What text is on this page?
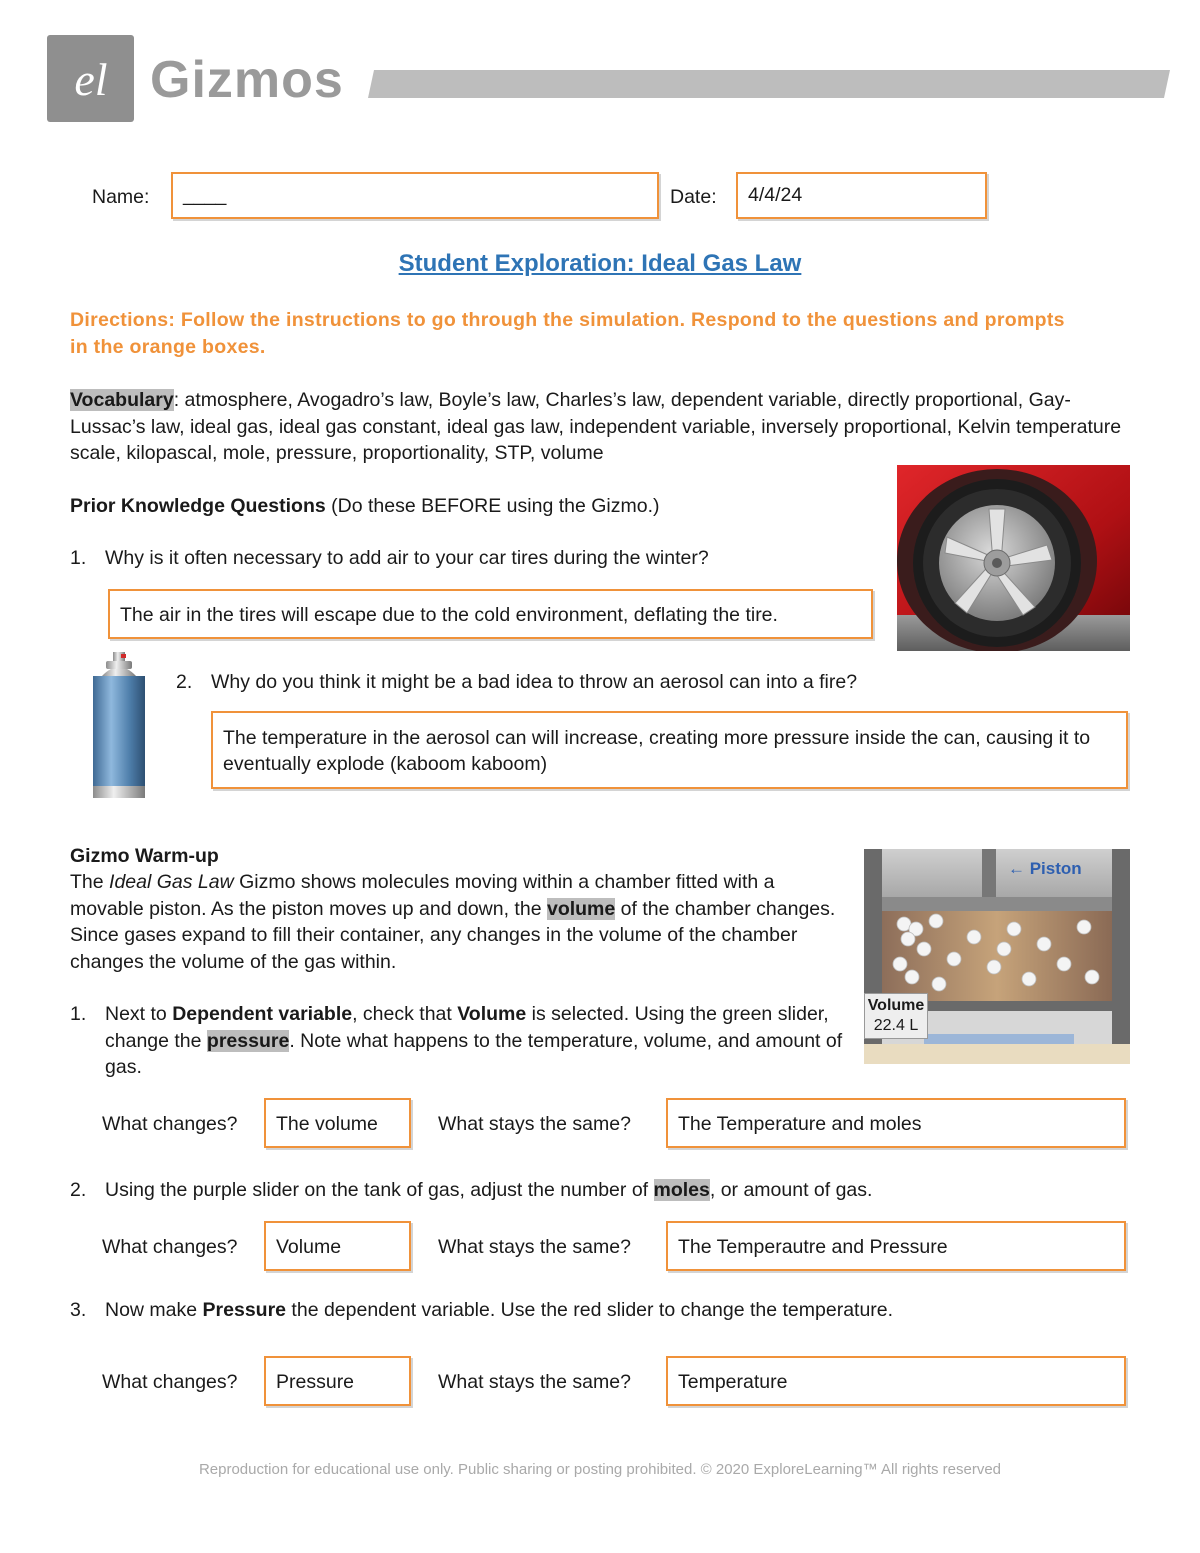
el Gizmos
Name:	____	Date:	4/4/24
Student Exploration: Ideal Gas Law
Directions: Follow the instructions to go through the simulation. Respond to the questions and prompts in the orange boxes.
Vocabulary: atmosphere, Avogadro’s law, Boyle’s law, Charles’s law, dependent variable, directly proportional, Gay-Lussac’s law, ideal gas, ideal gas constant, ideal gas law, independent variable, inversely proportional, Kelvin temperature scale, kilopascal, mole, pressure, proportionality, STP, volume
Prior Knowledge Questions (Do these BEFORE using the Gizmo.)
1. Why is it often necessary to add air to your car tires during the winter?
The air in the tires will escape due to the cold environment, deflating the tire.
2. Why do you think it might be a bad idea to throw an aerosol can into a fire?
The temperature in the aerosol can will increase, creating more pressure inside the can, causing it to eventually explode (kaboom kaboom)
Gizmo Warm-up
The Ideal Gas Law Gizmo shows molecules moving within a chamber fitted with a movable piston. As the piston moves up and down, the volume of the chamber changes. Since gases expand to fill their container, any changes in the volume of the chamber changes the volume of the gas within.
← Piston
Volume
22.4 L
1. Next to Dependent variable, check that Volume is selected. Using the green slider, change the pressure. Note what happens to the temperature, volume, and amount of gas.
What changes?	The volume	What stays the same?	The Temperature and moles
2. Using the purple slider on the tank of gas, adjust the number of moles, or amount of gas.
What changes?	Volume	What stays the same?	The Temperautre and Pressure
3. Now make Pressure the dependent variable. Use the red slider to change the temperature.
What changes?	Pressure	What stays the same?	Temperature
Reproduction for educational use only. Public sharing or posting prohibited. © 2020 ExploreLearning™ All rights reserved
